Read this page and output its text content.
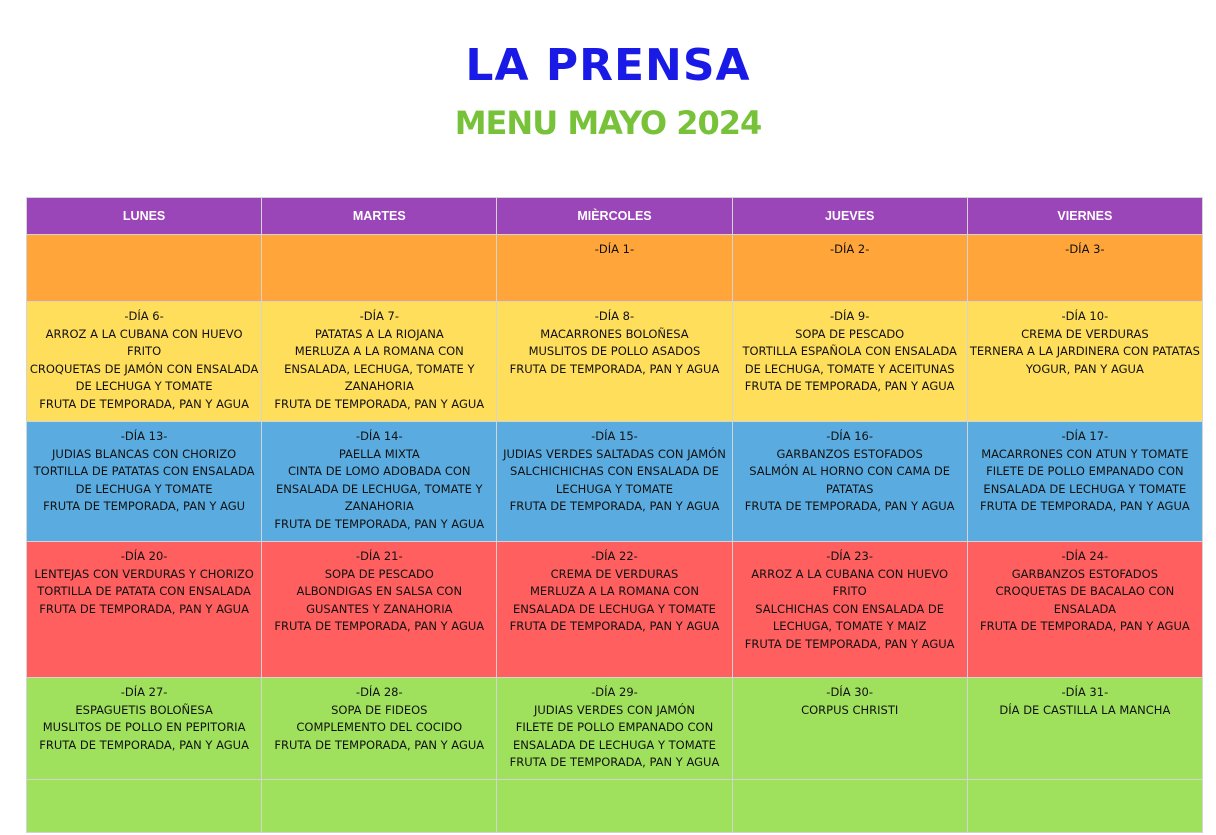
LA PRENSA
MENU MAYO 2024
LUNES	MARTES	MIÈRCOLES	JUEVES	VIERNES

		-DÍA 1-	-DÍA 2-	-DÍA 3-

-DÍA 6-
ARROZ A LA CUBANA CON HUEVO FRITO
CROQUETAS DE JAMÓN CON ENSALADA DE LECHUGA Y TOMATE
FRUTA DE TEMPORADA, PAN Y AGUA	-DÍA 7-
PATATAS A LA RIOJANA
MERLUZA A LA ROMANA CON ENSALADA, LECHUGA, TOMATE Y ZANAHORIA
FRUTA DE TEMPORADA, PAN Y AGUA	-DÍA 8-
MACARRONES BOLOÑESA
MUSLITOS DE POLLO ASADOS
FRUTA DE TEMPORADA, PAN Y AGUA	-DÍA 9-
SOPA DE PESCADO
TORTILLA ESPAÑOLA CON ENSALADA DE LECHUGA, TOMATE Y ACEITUNAS
FRUTA DE TEMPORADA, PAN Y AGUA	-DÍA 10-
CREMA DE VERDURAS
TERNERA A LA JARDINERA CON PATATAS
YOGUR, PAN Y AGUA

-DÍA 13-
JUDIAS BLANCAS CON CHORIZO
TORTILLA DE PATATAS CON ENSALADA DE LECHUGA Y TOMATE
FRUTA DE TEMPORADA, PAN Y AGU	-DÍA 14-
PAELLA MIXTA
CINTA DE LOMO ADOBADA CON ENSALADA DE LECHUGA, TOMATE Y ZANAHORIA
FRUTA DE TEMPORADA, PAN Y AGUA	-DÍA 15-
JUDIAS VERDES SALTADAS CON JAMÓN
SALCHICHICHAS CON ENSALADA DE LECHUGA Y TOMATE
FRUTA DE TEMPORADA, PAN Y AGUA	-DÍA 16-
GARBANZOS ESTOFADOS
SALMÓN AL HORNO CON CAMA DE PATATAS
FRUTA DE TEMPORADA, PAN Y AGUA	-DÍA 17-
MACARRONES CON ATUN Y TOMATE
FILETE DE POLLO EMPANADO CON ENSALADA DE LECHUGA Y TOMATE
FRUTA DE TEMPORADA, PAN Y AGUA

-DÍA 20-
LENTEJAS CON VERDURAS Y CHORIZO
TORTILLA DE PATATA CON ENSALADA
FRUTA DE TEMPORADA, PAN Y AGUA	-DÍA 21-
SOPA DE PESCADO
ALBONDIGAS EN SALSA CON GUSANTES Y ZANAHORIA
FRUTA DE TEMPORADA, PAN Y AGUA	-DÍA 22-
CREMA DE VERDURAS
MERLUZA A LA ROMANA CON ENSALADA DE LECHUGA Y TOMATE
FRUTA DE TEMPORADA, PAN Y AGUA	-DÍA 23-
ARROZ A LA CUBANA CON HUEVO FRITO
SALCHICHAS CON ENSALADA DE LECHUGA, TOMATE Y MAIZ
FRUTA DE TEMPORADA, PAN Y AGUA	-DÍA 24-
GARBANZOS ESTOFADOS
CROQUETAS DE BACALAO CON ENSALADA
FRUTA DE TEMPORADA, PAN Y AGUA

-DÍA 27-
ESPAGUETIS BOLOÑESA
MUSLITOS DE POLLO EN PEPITORIA
FRUTA DE TEMPORADA, PAN Y AGUA	-DÍA 28-
SOPA DE FIDEOS
COMPLEMENTO DEL COCIDO
FRUTA DE TEMPORADA, PAN Y AGUA	-DÍA 29-
JUDIAS VERDES CON JAMÓN
FILETE DE POLLO EMPANADO CON ENSALADA DE LECHUGA Y TOMATE
FRUTA DE TEMPORADA, PAN Y AGUA	-DÍA 30-
CORPUS CHRISTI	-DÍA 31-
DÍA DE CASTILLA LA MANCHA
